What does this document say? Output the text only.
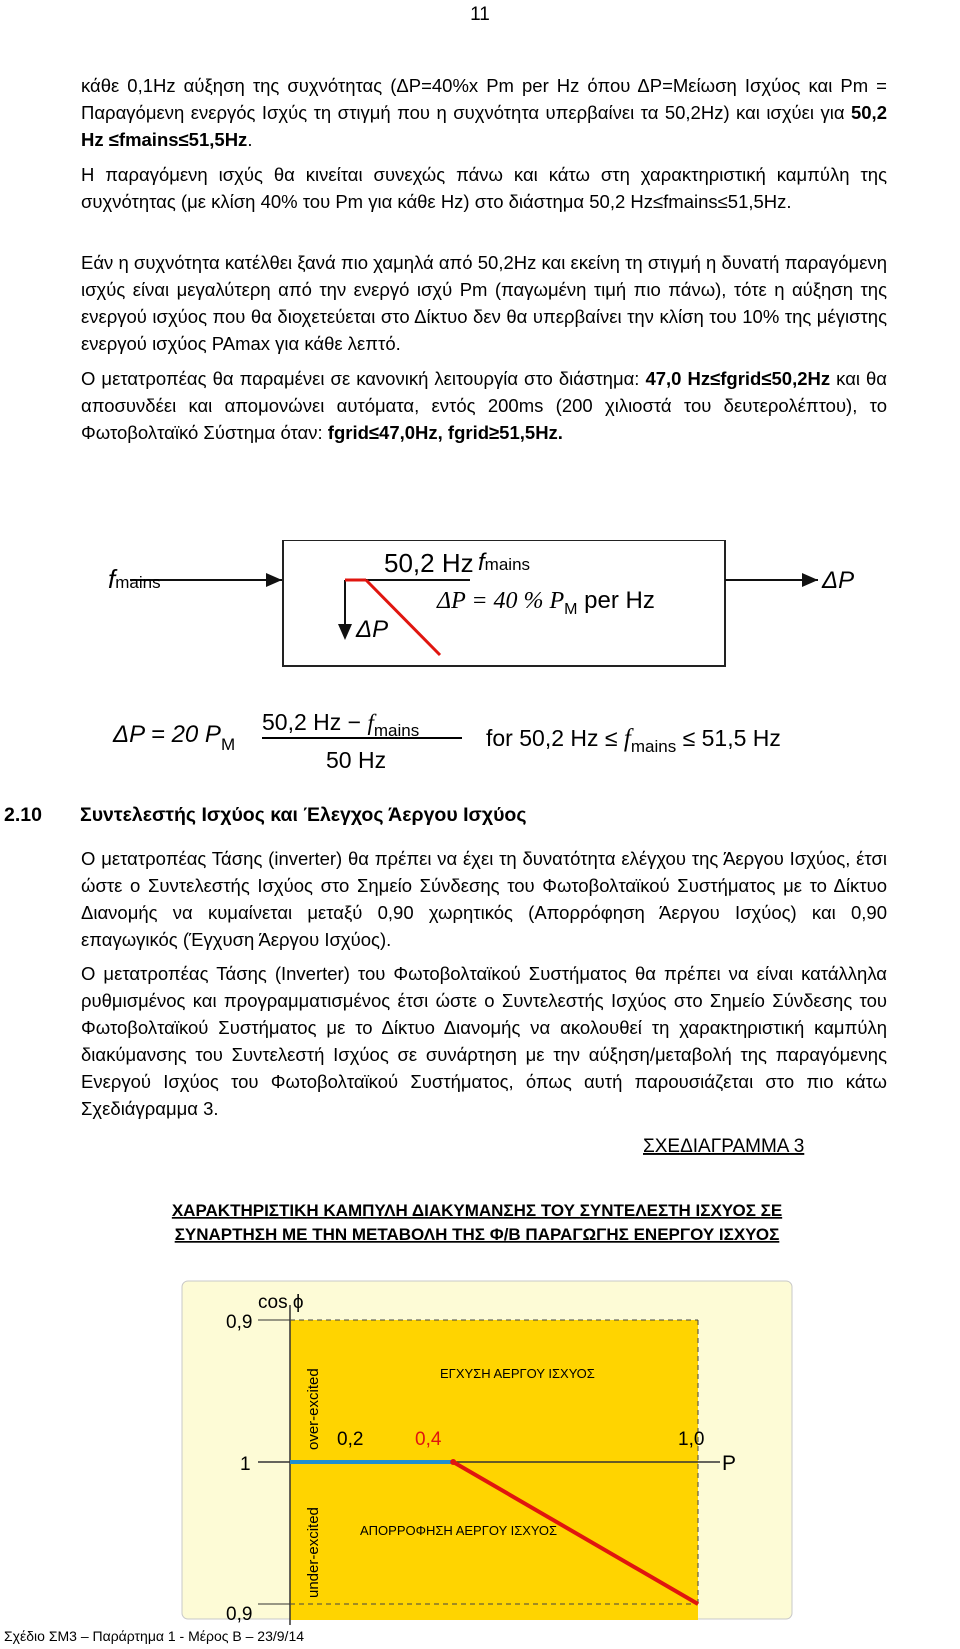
11

κάθε 0,1Hz αύξηση της συχνότητας (ΔP=40%x Pm per Hz όπου ΔP=Μείωση Ισχύος και Pm = Παραγόμενη ενεργός Ισχύς τη στιγμή που η συχνότητα υπερβαίνει τα 50,2Hz) και ισχύει για 50,2 Hz ≤fmains≤51,5Hz.

Η παραγόμενη ισχύς θα κινείται συνεχώς πάνω και κάτω στη χαρακτηριστική καμπύλη της συχνότητας (με κλίση 40% του Pm για κάθε Hz) στο διάστημα 50,2 Hz≤fmains≤51,5Hz.

Εάν η συχνότητα κατέλθει ξανά πιο χαμηλά από 50,2Hz και εκείνη τη στιγμή η δυνατή παραγόμενη ισχύς είναι μεγαλύτερη από την ενεργό ισχύ Pm (παγωμένη τιμή πιο πάνω), τότε η αύξηση της ενεργού ισχύος που θα διοχετεύεται στο Δίκτυο δεν θα υπερβαίνει την κλίση του 10% της μέγιστης ενεργού ισχύος PAmax για κάθε λεπτό.

Ο μετατροπέας θα παραμένει σε κανονική λειτουργία στο διάστημα: 47,0 Hz≤fgrid≤50,2Hz και θα αποσυνδέει και απομονώνει αυτόματα, εντός 200ms (200 χιλιοστά του δευτερολέπτου), το Φωτοβολταϊκό Σύστημα όταν: fgrid≤47,0Hz, fgrid≥51,5Hz.

50,2 Hz
fmains
ΔP
fmains
ΔP = 40 % $P_M$ per Hz
ΔP
ΔP = 20 $P_M$
50,2 $Hz - f_{mains}$
50 Hz
for 50,2 $Hz \le f_{mains} \le 51,5$ Hz
2.10 Συντελεστής Ισχύος και Έλεγχος Άεργου Ισχύος

Ο μετατροπέας Τάσης (inverter) θα πρέπει να έχει τη δυνατότητα ελέγχου της Άεργου Ισχύος, έτσι ώστε ο Συντελεστής Ισχύος στο Σημείο Σύνδεσης του Φωτοβολταϊκού Συστήματος με το Δίκτυο Διανομής να κυμαίνεται μεταξύ 0,90 χωρητικός (Απορρόφηση Άεργου Ισχύος) και 0,90 επαγωγικός (Έγχυση Άεργου Ισχύος).

Ο μετατροπέας Τάσης (Inverter) του Φωτοβολταϊκού Συστήματος θα πρέπει να είναι κατάλληλα ρυθμισμένος και προγραμματισμένος έτσι ώστε ο Συντελεστής Ισχύος στο Σημείο Σύνδεσης του Φωτοβολταϊκού Συστήματος με το Δίκτυο Διανομής να ακολουθεί τη χαρακτηριστική καμπύλη διακύμανσης του Συντελεστή Ισχύος σε συνάρτηση με την αύξηση/μεταβολή της παραγόμενης Ενεργού Ισχύος του Φωτοβολταϊκού Συστήματος, όπως αυτή παρουσιάζεται στο πιο κάτω Σχεδιάγραμμα 3.

ΣΧΕΔΙΑΓΡΑΜΜΑ 3
ΧΑΡΑΚΤΗΡΙΣΤΙΚΗ ΚΑΜΠΥΛΗ ΔΙΑΚΥΜΑΝΣΗΣ ΤΟΥ ΣΥΝΤΕΛΕΣΤΗ ΙΣΧΥΟΣ ΣΕ
ΣΥΝΑΡΤΗΣΗ ΜΕ ΤΗΝ ΜΕΤΑΒΟΛΗ ΤΗΣ Φ/Β ΠΑΡΑΓΩΓΗΣ ΕΝΕΡΓΟΥ ΙΣΧΥΟΣ
cos ϕ
P
0,9
1
0,9
0,2	0,4	1,0
over-excited
under-excited
ΕΓΧΥΣΗ ΑΕΡΓΟΥ ΙΣΧΥΟΣ
ΑΠΟΡΡΟΦΗΣΗ ΑΕΡΓΟΥ ΙΣΧΥΟΣ
Σχέδιο ΣΜ3 – Παράρτημα 1 - Μέρος Β – 23/9/14
